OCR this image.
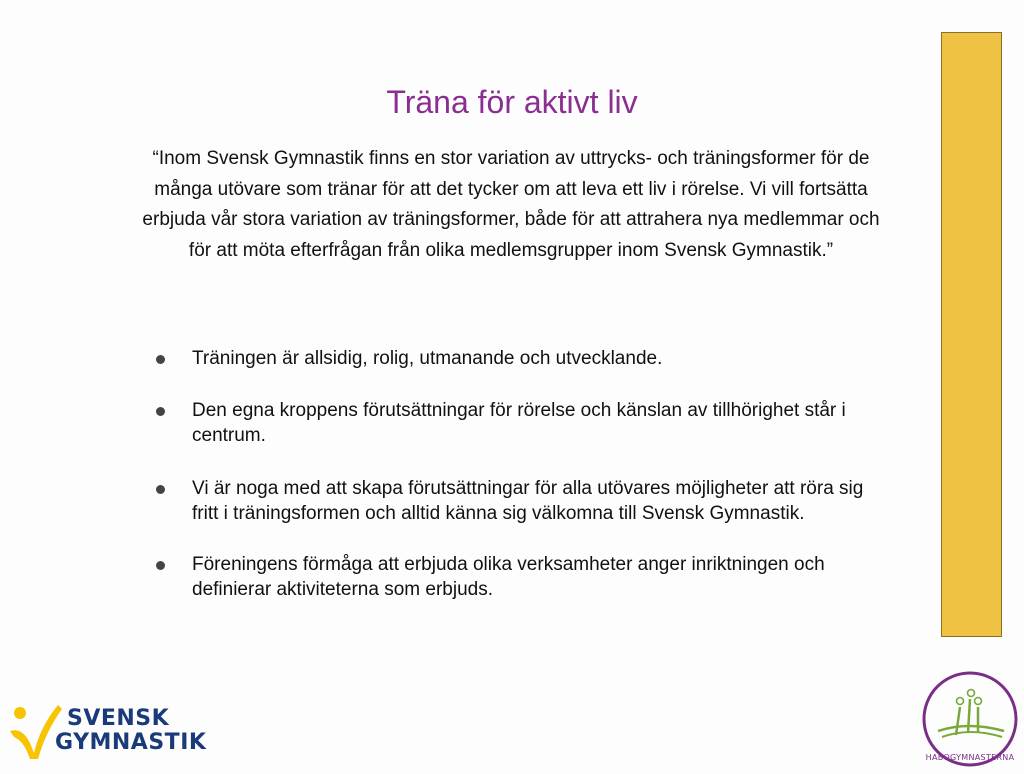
Träna för aktivt liv

“Inom Svensk Gymnastik finns en stor variation av uttrycks- och träningsformer för de många utövare som tränar för att det tycker om att leva ett liv i rörelse. Vi vill fortsätta erbjuda vår stora variation av träningsformer, både för att attrahera nya medlemmar och för att möta efterfrågan från olika medlemsgrupper inom Svensk Gymnastik.”

Träningen är allsidig, rolig, utmanande och utvecklande.
Den egna kroppens förutsättningar för rörelse och känslan av tillhörighet står i centrum.
Vi är noga med att skapa förutsättningar för alla utövares möjligheter att röra sig fritt i träningsformen och alltid känna sig välkomna till Svensk Gymnastik.
Föreningens förmåga att erbjuda olika verksamheter anger inriktningen och definierar aktiviteterna som erbjuds.
SVENSK
GYMNASTIK
HABOGYMNASTERNA
